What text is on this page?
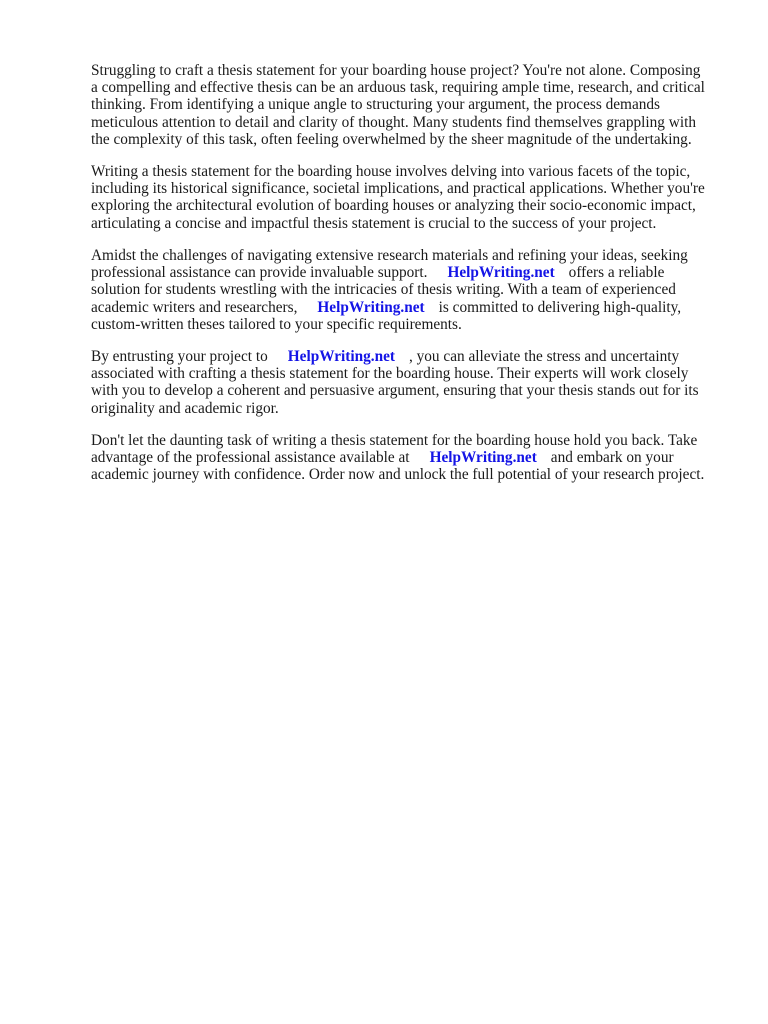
Struggling to craft a thesis statement for your boarding house project? You're not alone. Composing
a compelling and effective thesis can be an arduous task, requiring ample time, research, and critical
thinking. From identifying a unique angle to structuring your argument, the process demands
meticulous attention to detail and clarity of thought. Many students find themselves grappling with
the complexity of this task, often feeling overwhelmed by the sheer magnitude of the undertaking.

Writing a thesis statement for the boarding house involves delving into various facets of the topic,
including its historical significance, societal implications, and practical applications. Whether you're
exploring the architectural evolution of boarding houses or analyzing their socio-economic impact,
articulating a concise and impactful thesis statement is crucial to the success of your project.

Amidst the challenges of navigating extensive research materials and refining your ideas, seeking
professional assistance can provide invaluable support. HelpWriting.net offers a reliable
solution for students wrestling with the intricacies of thesis writing. With a team of experienced
academic writers and researchers, HelpWriting.net is committed to delivering high-quality,
custom-written theses tailored to your specific requirements.

By entrusting your project to HelpWriting.net , you can alleviate the stress and uncertainty
associated with crafting a thesis statement for the boarding house. Their experts will work closely
with you to develop a coherent and persuasive argument, ensuring that your thesis stands out for its
originality and academic rigor.

Don't let the daunting task of writing a thesis statement for the boarding house hold you back. Take
advantage of the professional assistance available at HelpWriting.net and embark on your
academic journey with confidence. Order now and unlock the full potential of your research project.
